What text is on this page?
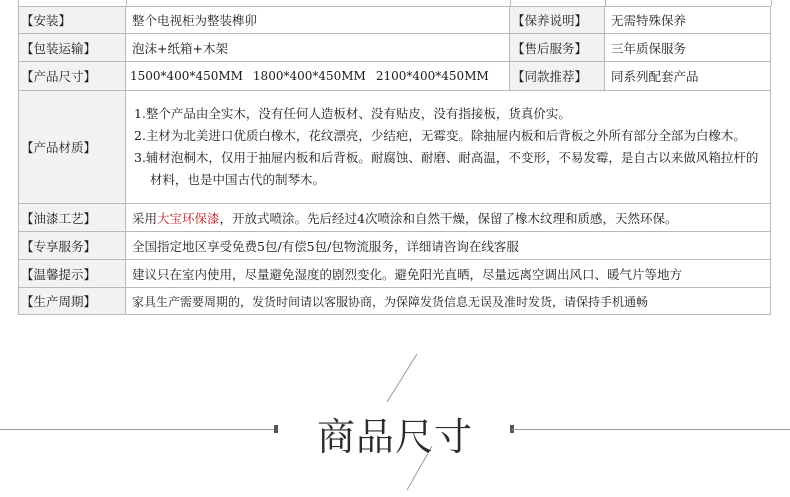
【安装】	整个电视柜为整装榫卯	【保养说明】	无需特殊保养
【包装运输】	泡沫+纸箱+木架	【售后服务】	三年质保服务
【产品尺寸】	1500*400*450MM 1800*400*450MM 2100*400*450MM	【同款推荐】	同系列配套产品
【产品材质】	1.整个产品由全实木，没有任何人造板材、没有贴皮，没有指接板，货真价实。
2.主材为北美进口优质白橡木，花纹漂亮，少结疤，无霉变。除抽屉内板和后背板之外所有部分全部为白橡木。
3.辅材泡桐木，仅用于抽屉内板和后背板。耐腐蚀、耐磨、耐高温，不变形，不易发霉，是自古以来做风箱拉杆的材料，也是中国古代的制琴木。		

【油漆工艺】	采用大宝环保漆，开放式喷涂。先后经过4次喷涂和自然干燥，保留了橡木纹理和质感，天然环保。		
【专享服务】	全国指定地区享受免费5包/有偿5包/包物流服务，详细请咨询在线客服		
【温馨提示】	建议只在室内使用，尽量避免湿度的剧烈变化。避免阳光直晒，尽量远离空调出风口、暖气片等地方		
【生产周期】	家具生产需要周期的，发货时间请以客服协商，为保障发货信息无误及准时发货，请保持手机通畅		
商品尺寸
